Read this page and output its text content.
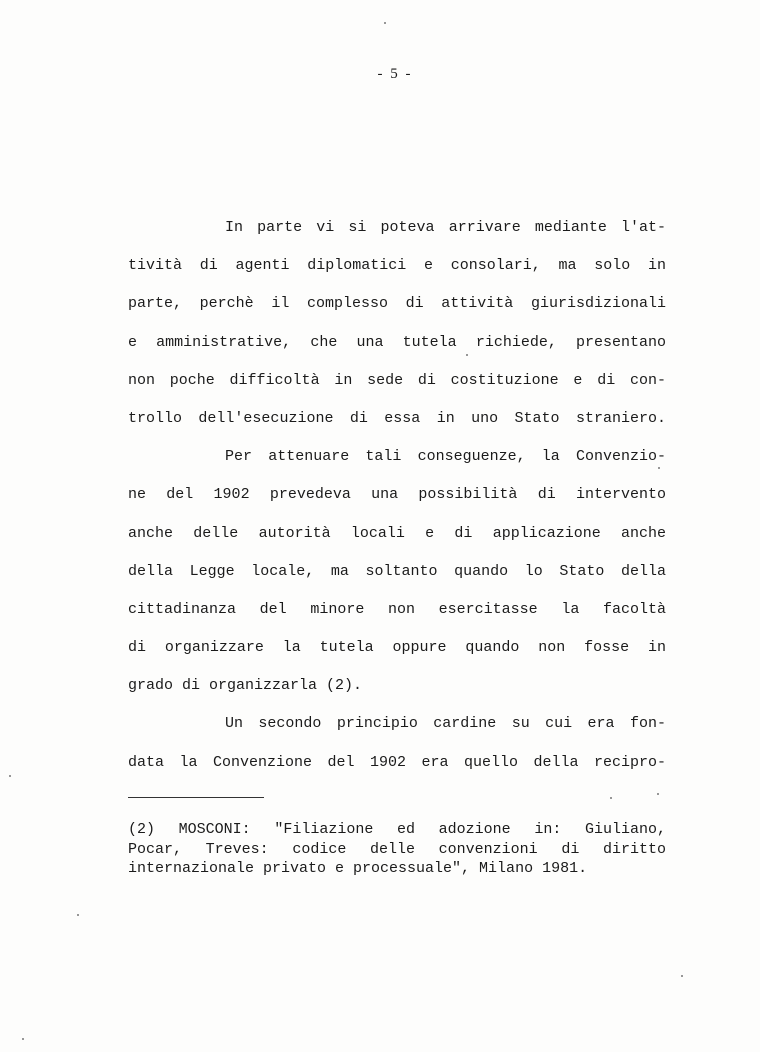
- 5 -
In parte vi si poteva arrivare mediante l'at-
tività di agenti diplomatici e consolari, ma solo in
parte, perchè il complesso di attività giurisdizionali
e amministrative, che una tutela richiede, presentano
non poche difficoltà in sede di costituzione e di con-
trollo dell'esecuzione di essa in uno Stato straniero.
Per attenuare tali conseguenze, la Convenzio-
ne del 1902 prevedeva una possibilità di intervento
anche delle autorità locali e di applicazione anche
della Legge locale, ma soltanto quando lo Stato della
cittadinanza del minore non esercitasse la facoltà
di organizzare la tutela oppure quando non fosse in
grado di organizzarla (2).
Un secondo principio cardine su cui era fon-
data la Convenzione del 1902 era quello della recipro-
(2) MOSCONI: "Filiazione ed adozione in: Giuliano,
Pocar, Treves: codice delle convenzioni di diritto
internazionale privato e processuale", Milano 1981.
